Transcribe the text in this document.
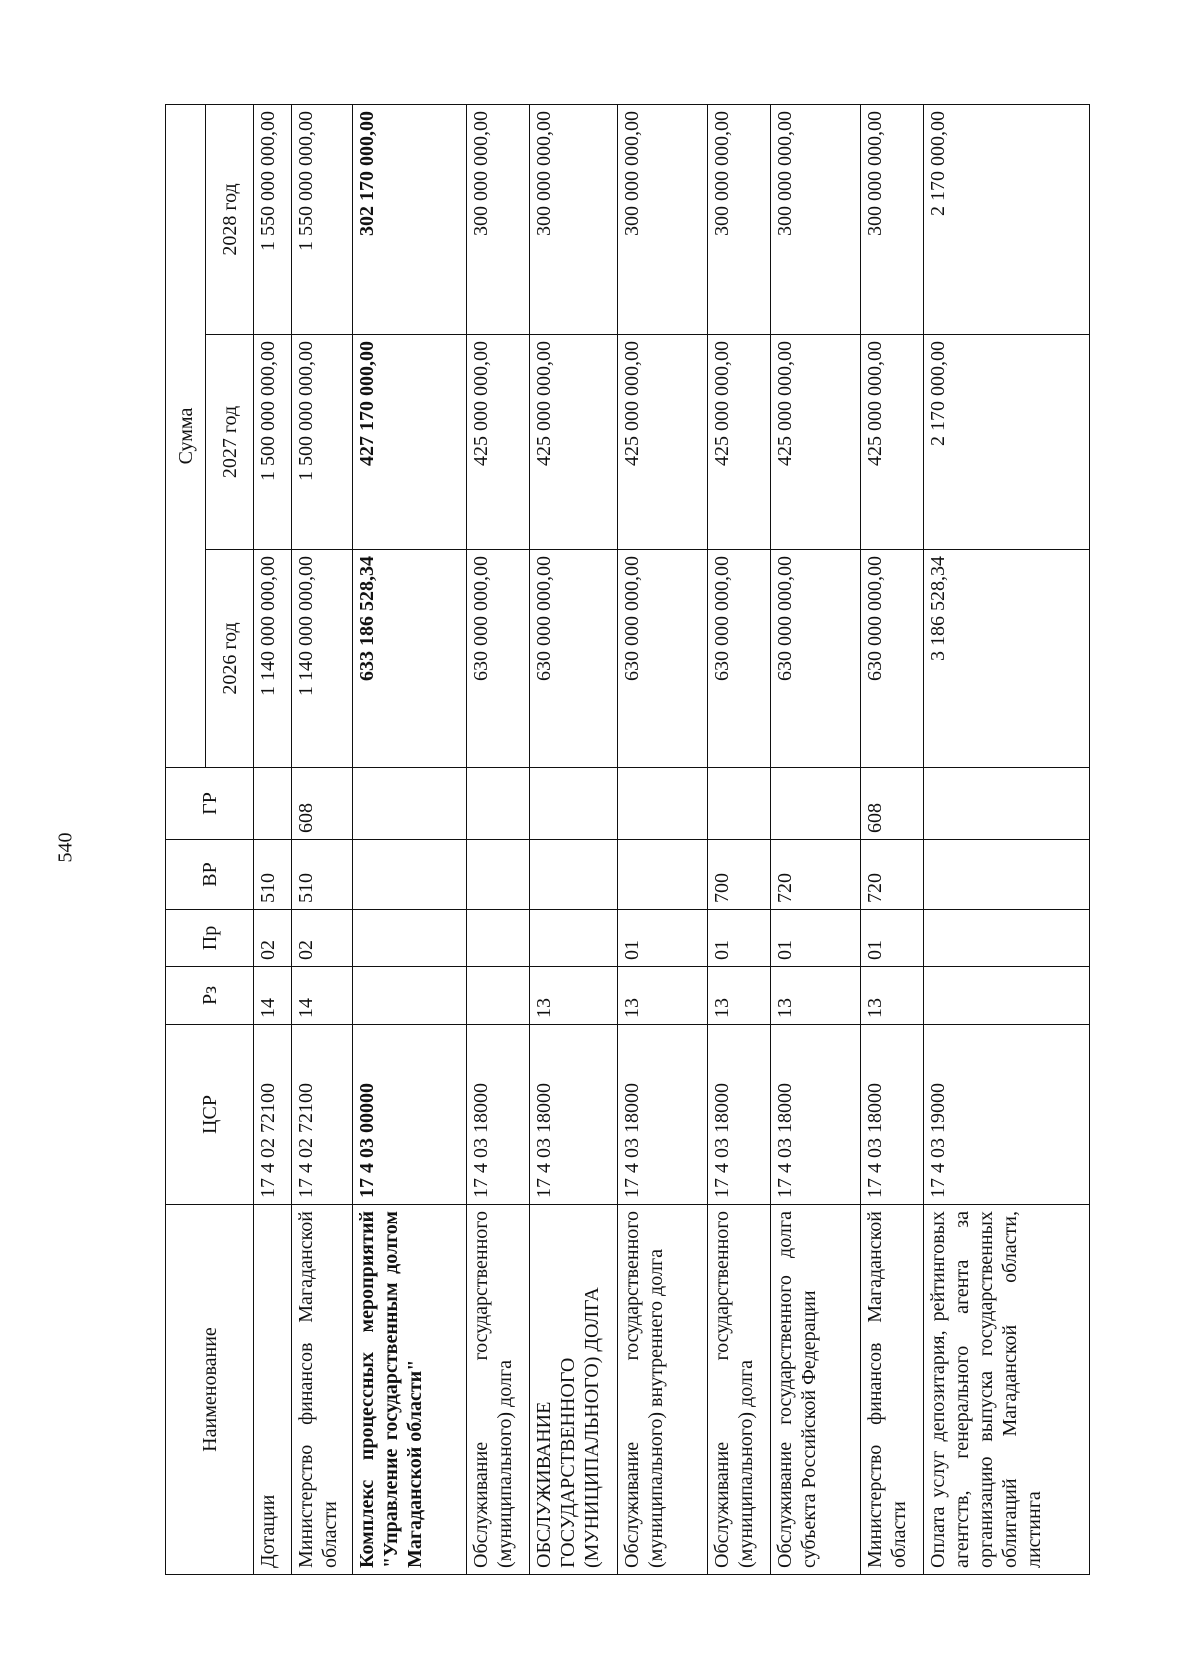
540
Наименование	ЦСР	Рз	Пр	ВР	ГР	Сумма		
						2026 год	2027 год	2028 год
Дотации	17 4 02 72100	14	02	510		1 140 000 000,00	1 500 000 000,00	1 550 000 000,00
Министерство финансов Магаданской области	17 4 02 72100	14	02	510	608	1 140 000 000,00	1 500 000 000,00	1 550 000 000,00
Комплекс процессных мероприятий "Управление государственным долгом Магаданской области"	17 4 03 00000					633 186 528,34	427 170 000,00	302 170 000,00
Обслуживание государственного (муниципального) долга	17 4 03 18000					630 000 000,00	425 000 000,00	300 000 000,00
ОБСЛУЖИВАНИЕ ГОСУДАРСТВЕННОГО (МУНИЦИПАЛЬНОГО) ДОЛГА	17 4 03 18000	13				630 000 000,00	425 000 000,00	300 000 000,00
Обслуживание государственного (муниципального) внутреннего долга	17 4 03 18000	13	01			630 000 000,00	425 000 000,00	300 000 000,00
Обслуживание государственного (муниципального) долга	17 4 03 18000	13	01	700		630 000 000,00	425 000 000,00	300 000 000,00
Обслуживание государственного долга субъекта Российской Федерации	17 4 03 18000	13	01	720		630 000 000,00	425 000 000,00	300 000 000,00
Министерство финансов Магаданской области	17 4 03 18000	13	01	720	608	630 000 000,00	425 000 000,00	300 000 000,00
Оплата услуг депозитария, рейтинговых агентств, генерального агента за организацию выпуска государственных облигаций Магаданской области, листинга	17 4 03 19000					3 186 528,34	2 170 000,00	2 170 000,00
